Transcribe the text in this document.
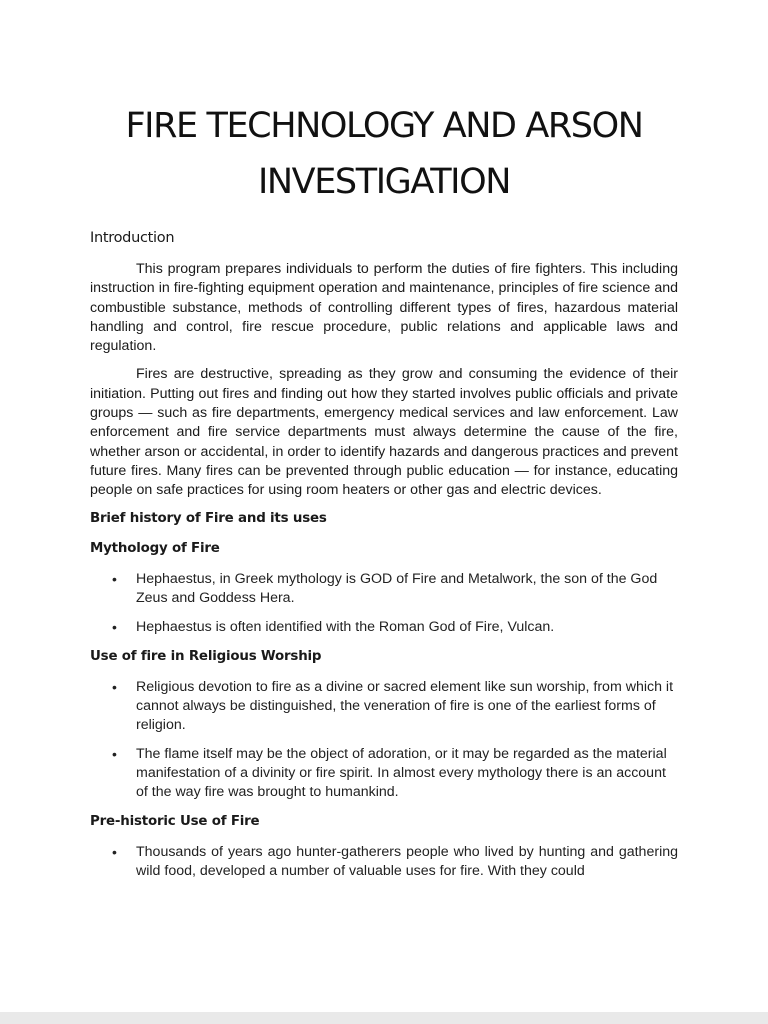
FIRE TECHNOLOGY AND ARSON
INVESTIGATION
Introduction

This program prepares individuals to perform the duties of fire fighters. This including instruction in fire-fighting equipment operation and maintenance, principles of fire science and combustible substance, methods of controlling different types of fires, hazardous material handling and control, fire rescue procedure, public relations and applicable laws and regulation.

Fires are destructive, spreading as they grow and consuming the evidence of their initiation. Putting out fires and finding out how they started involves public officials and private groups — such as fire departments, emergency medical services and law enforcement. Law enforcement and fire service departments must always determine the cause of the fire, whether arson or accidental, in order to identify hazards and dangerous practices and prevent future fires. Many fires can be prevented through public education — for instance, educating people on safe practices for using room heaters or other gas and electric devices.

Brief history of Fire and its uses
Mythology of Fire
• Hephaestus, in Greek mythology is GOD of Fire and Metalwork, the son of the God Zeus and Goddess Hera.
• Hephaestus is often identified with the Roman God of Fire, Vulcan.
Use of fire in Religious Worship
• Religious devotion to fire as a divine or sacred element like sun worship, from which it cannot always be distinguished, the veneration of fire is one of the earliest forms of religion.
• The flame itself may be the object of adoration, or it may be regarded as the material manifestation of a divinity or fire spirit. In almost every mythology there is an account of the way fire was brought to humankind.
Pre-historic Use of Fire
• Thousands of years ago hunter-gatherers people who lived by hunting and gathering wild food, developed a number of valuable uses for fire. With they could
